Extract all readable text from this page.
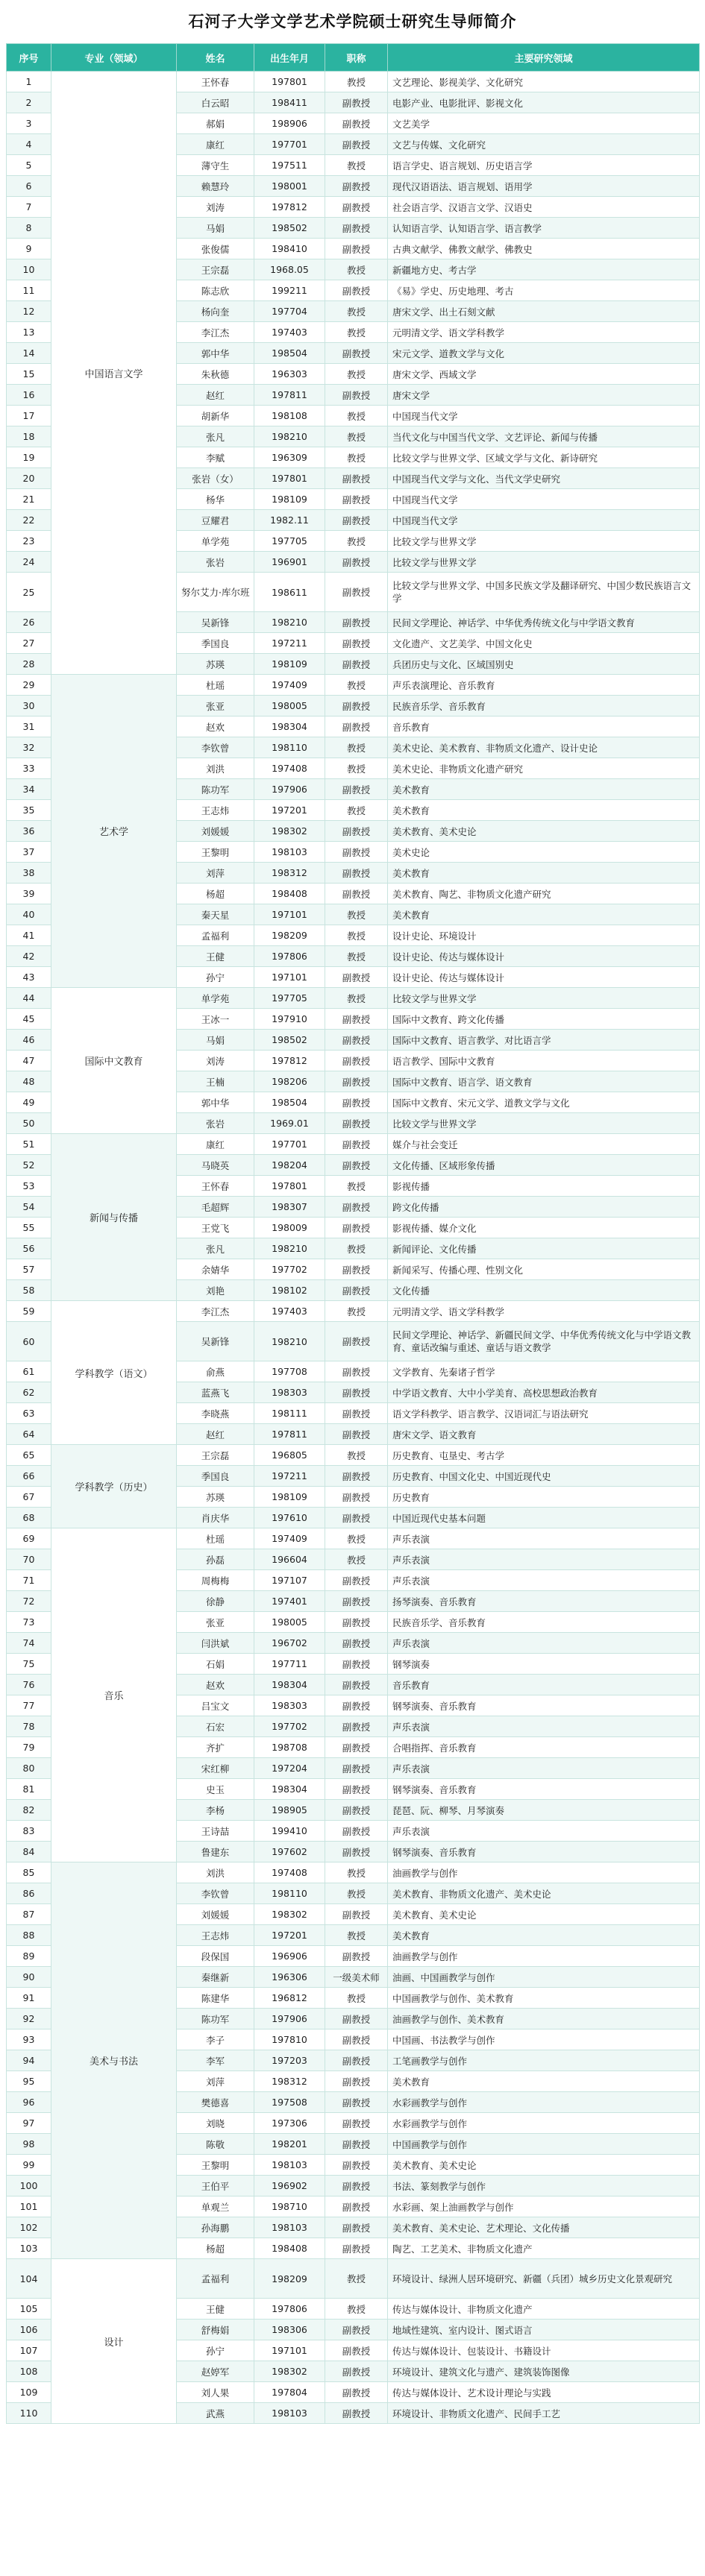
石河子大学文学艺术学院硕士研究生导师简介
序号	专业（领域）	姓名	出生年月	职称	主要研究领域
1	中国语言文学	王怀春	197801	教授	文艺理论、影视美学、文化研究
2		白云昭	198411	副教授	电影产业、电影批评、影视文化
3		郝娟	198906	副教授	文艺美学
4		康红	197701	副教授	文艺与传媒、文化研究
5		薄守生	197511	教授	语言学史、语言规划、历史语言学
6		赖慧玲	198001	副教授	现代汉语语法、语言规划、语用学
7		刘涛	197812	副教授	社会语言学、汉语言文学、汉语史
8		马娟	198502	副教授	认知语言学、认知语言学、语言教学
9		张俊儒	198410	副教授	古典文献学、佛教文献学、佛教史
10		王宗磊	1968.05	教授	新疆地方史、考古学
11		陈志欣	199211	副教授	《易》学史、历史地理、考古
12		杨向奎	197704	教授	唐宋文学、出土石刻文献
13		李江杰	197403	教授	元明清文学、语文学科教学
14		郭中华	198504	副教授	宋元文学、道教文学与文化
15		朱秋德	196303	教授	唐宋文学、西域文学
16		赵红	197811	副教授	唐宋文学
17		胡新华	198108	教授	中国现当代文学
18		张凡	198210	教授	当代文化与中国当代文学、文艺评论、新闻与传播
19		李赋	196309	教授	比较文学与世界文学、区域文学与文化、新诗研究
20		张岩（女）	197801	副教授	中国现当代文学与文化、当代文学史研究
21		杨华	198109	副教授	中国现当代文学
22		豆耀君	1982.11	副教授	中国现当代文学
23		单学苑	197705	教授	比较文学与世界文学
24		张岩	196901	副教授	比较文学与世界文学
25		努尔艾力·库尔班	198611	副教授	比较文学与世界文学、中国多民族文学及翻译研究、中国少数民族语言文学
26		吴新锋	198210	副教授	民间文学理论、神话学、中华优秀传统文化与中学语文教育
27		季国良	197211	副教授	文化遗产、文艺美学、中国文化史
28		苏瑛	198109	副教授	兵团历史与文化、区域国别史
29	艺术学	杜瑶	197409	教授	声乐表演理论、音乐教育
30		张亚	198005	副教授	民族音乐学、音乐教育
31		赵欢	198304	副教授	音乐教育
32		李钦曾	198110	教授	美术史论、美术教育、非物质文化遗产、设计史论
33		刘洪	197408	教授	美术史论、非物质文化遗产研究
34		陈功军	197906	副教授	美术教育
35		王志炜	197201	教授	美术教育
36		刘媛媛	198302	副教授	美术教育、美术史论
37		王黎明	198103	副教授	美术史论
38		刘萍	198312	副教授	美术教育
39		杨超	198408	副教授	美术教育、陶艺、非物质文化遗产研究
40		秦天星	197101	教授	美术教育
41		孟福利	198209	教授	设计史论、环境设计
42		王健	197806	教授	设计史论、传达与媒体设计
43		孙宁	197101	副教授	设计史论、传达与媒体设计
44	国际中文教育	单学苑	197705	教授	比较文学与世界文学
45		王冰一	197910	副教授	国际中文教育、跨文化传播
46		马娟	198502	副教授	国际中文教育、语言教学、对比语言学
47		刘涛	197812	副教授	语言教学、国际中文教育
48		王楠	198206	副教授	国际中文教育、语言学、语文教育
49		郭中华	198504	副教授	国际中文教育、宋元文学、道教文学与文化
50		张岩	1969.01	副教授	比较文学与世界文学
51	新闻与传播	康红	197701	副教授	媒介与社会变迁
52		马晓英	198204	副教授	文化传播、区域形象传播
53		王怀春	197801	教授	影视传播
54		毛超辉	198307	副教授	跨文化传播
55		王党飞	198009	副教授	影视传播、媒介文化
56		张凡	198210	教授	新闻评论、文化传播
57		余婧华	197702	副教授	新闻采写、传播心理、性别文化
58		刘艳	198102	副教授	文化传播
59	学科教学（语文）	李江杰	197403	教授	元明清文学、语文学科教学
60		吴新锋	198210	副教授	民间文学理论、神话学、新疆民间文学、中华优秀传统文化与中学语文教育、童话改编与重述、童话与语文教学
61		俞燕	197708	副教授	文学教育、先秦诸子哲学
62		蓝燕飞	198303	副教授	中学语文教育、大中小学美育、高校思想政治教育
63		李晓燕	198111	副教授	语文学科教学、语言教学、汉语词汇与语法研究
64		赵红	197811	副教授	唐宋文学、语文教育
65	学科教学（历史）	王宗磊	196805	教授	历史教育、屯垦史、考古学
66		季国良	197211	副教授	历史教育、中国文化史、中国近现代史
67		苏瑛	198109	副教授	历史教育
68		肖庆华	197610	副教授	中国近现代史基本问题
69	音乐	杜瑶	197409	教授	声乐表演
70		孙磊	196604	教授	声乐表演
71		周梅梅	197107	副教授	声乐表演
72		徐静	197401	副教授	扬琴演奏、音乐教育
73		张亚	198005	副教授	民族音乐学、音乐教育
74		闫洪斌	196702	副教授	声乐表演
75		石娟	197711	副教授	钢琴演奏
76		赵欢	198304	副教授	音乐教育
77		吕宝文	198303	副教授	钢琴演奏、音乐教育
78		石宏	197702	副教授	声乐表演
79		齐扩	198708	副教授	合唱指挥、音乐教育
80		宋红柳	197204	副教授	声乐表演
81		史玉	198304	副教授	钢琴演奏、音乐教育
82		李杨	198905	副教授	琵琶、阮、柳琴、月琴演奏
83		王诗喆	199410	副教授	声乐表演
84		鲁建东	197602	副教授	钢琴演奏、音乐教育
85	美术与书法	刘洪	197408	教授	油画教学与创作
86		李钦曾	198110	教授	美术教育、非物质文化遗产、美术史论
87		刘媛媛	198302	副教授	美术教育、美术史论
88		王志炜	197201	教授	美术教育
89		段保国	196906	副教授	油画教学与创作
90		秦继新	196306	一级美术师	油画、中国画教学与创作
91		陈建华	196812	教授	中国画教学与创作、美术教育
92		陈功军	197906	副教授	油画教学与创作、美术教育
93		李子	197810	副教授	中国画、书法教学与创作
94		李军	197203	副教授	工笔画教学与创作
95		刘萍	198312	副教授	美术教育
96		樊德喜	197508	副教授	水彩画教学与创作
97		刘晓	197306	副教授	水彩画教学与创作
98		陈敬	198201	副教授	中国画教学与创作
99		王黎明	198103	副教授	美术教育、美术史论
100		王伯平	196902	副教授	书法、篆刻教学与创作
101		单观兰	198710	副教授	水彩画、架上油画教学与创作
102		孙海鹏	198103	副教授	美术教育、美术史论、艺术理论、文化传播
103		杨超	198408	副教授	陶艺、工艺美术、非物质文化遗产
104	设计	孟福利	198209	教授	环境设计、绿洲人居环境研究、新疆（兵团）城乡历史文化景观研究
105		王健	197806	教授	传达与媒体设计、非物质文化遗产
106		舒梅娟	198306	副教授	地域性建筑、室内设计、图式语言
107		孙宁	197101	副教授	传达与媒体设计、包装设计、书籍设计
108		赵婷军	198302	副教授	环境设计、建筑文化与遗产、建筑装饰图像
109		刘人果	197804	副教授	传达与媒体设计、艺术设计理论与实践
110		武燕	198103	副教授	环境设计、非物质文化遗产、民间手工艺
